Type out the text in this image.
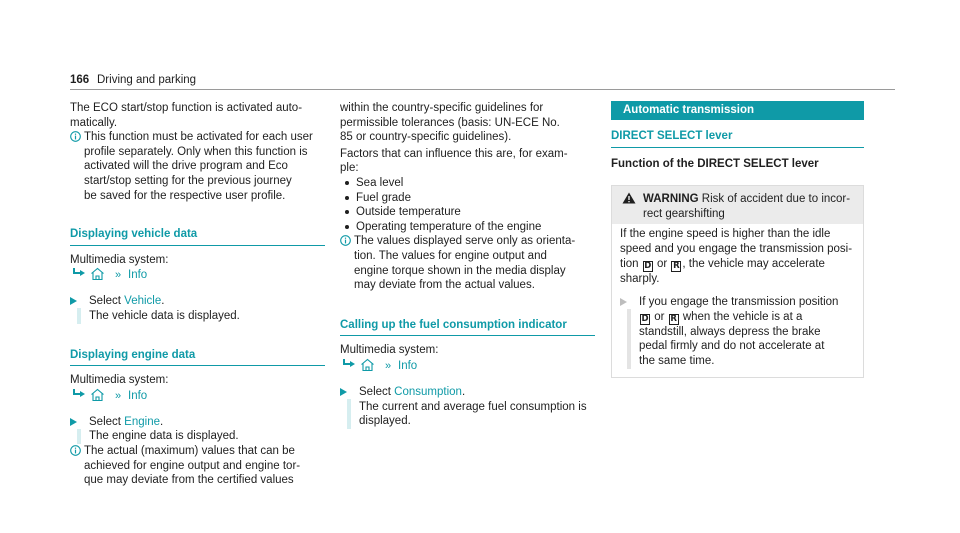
166 Driving and parking

The ECO start/stop function is activated auto-

matically.

This function must be activated for each user

profile separately. Only when this function is

activated will the drive program and Eco

start/stop setting for the previous journey

be saved for the respective user profile.

Displaying vehicle data

Multimedia system:

» Info

Select Vehicle.

The vehicle data is displayed.

Displaying engine data

Multimedia system:

» Info

Select Engine.

The engine data is displayed.

The actual (maximum) values that can be

achieved for engine output and engine tor-

que may deviate from the certified values

within the country-specific guidelines for

permissible tolerances (basis: UN-ECE No.

85 or country-specific guidelines).

Factors that can influence this are, for exam-

ple:

Sea level
Fuel grade
Outside temperature
Operating temperature of the engine

The values displayed serve only as orienta-

tion. The values for engine output and

engine torque shown in the media display

may deviate from the actual values.

Calling up the fuel consumption indicator

Multimedia system:

» Info

Select Consumption.

The current and average fuel consumption is

displayed.

Automatic transmission
DIRECT SELECT lever

Function of the DIRECT SELECT lever

WARNING Risk of accident due to incor-

rect gearshifting

If the engine speed is higher than the idle

speed and you engage the transmission posi-

tion D or R , the vehicle may accelerate

sharply.

If you engage the transmission position

D or R when the vehicle is at a

standstill, always depress the brake

pedal firmly and do not accelerate at

the same time.
